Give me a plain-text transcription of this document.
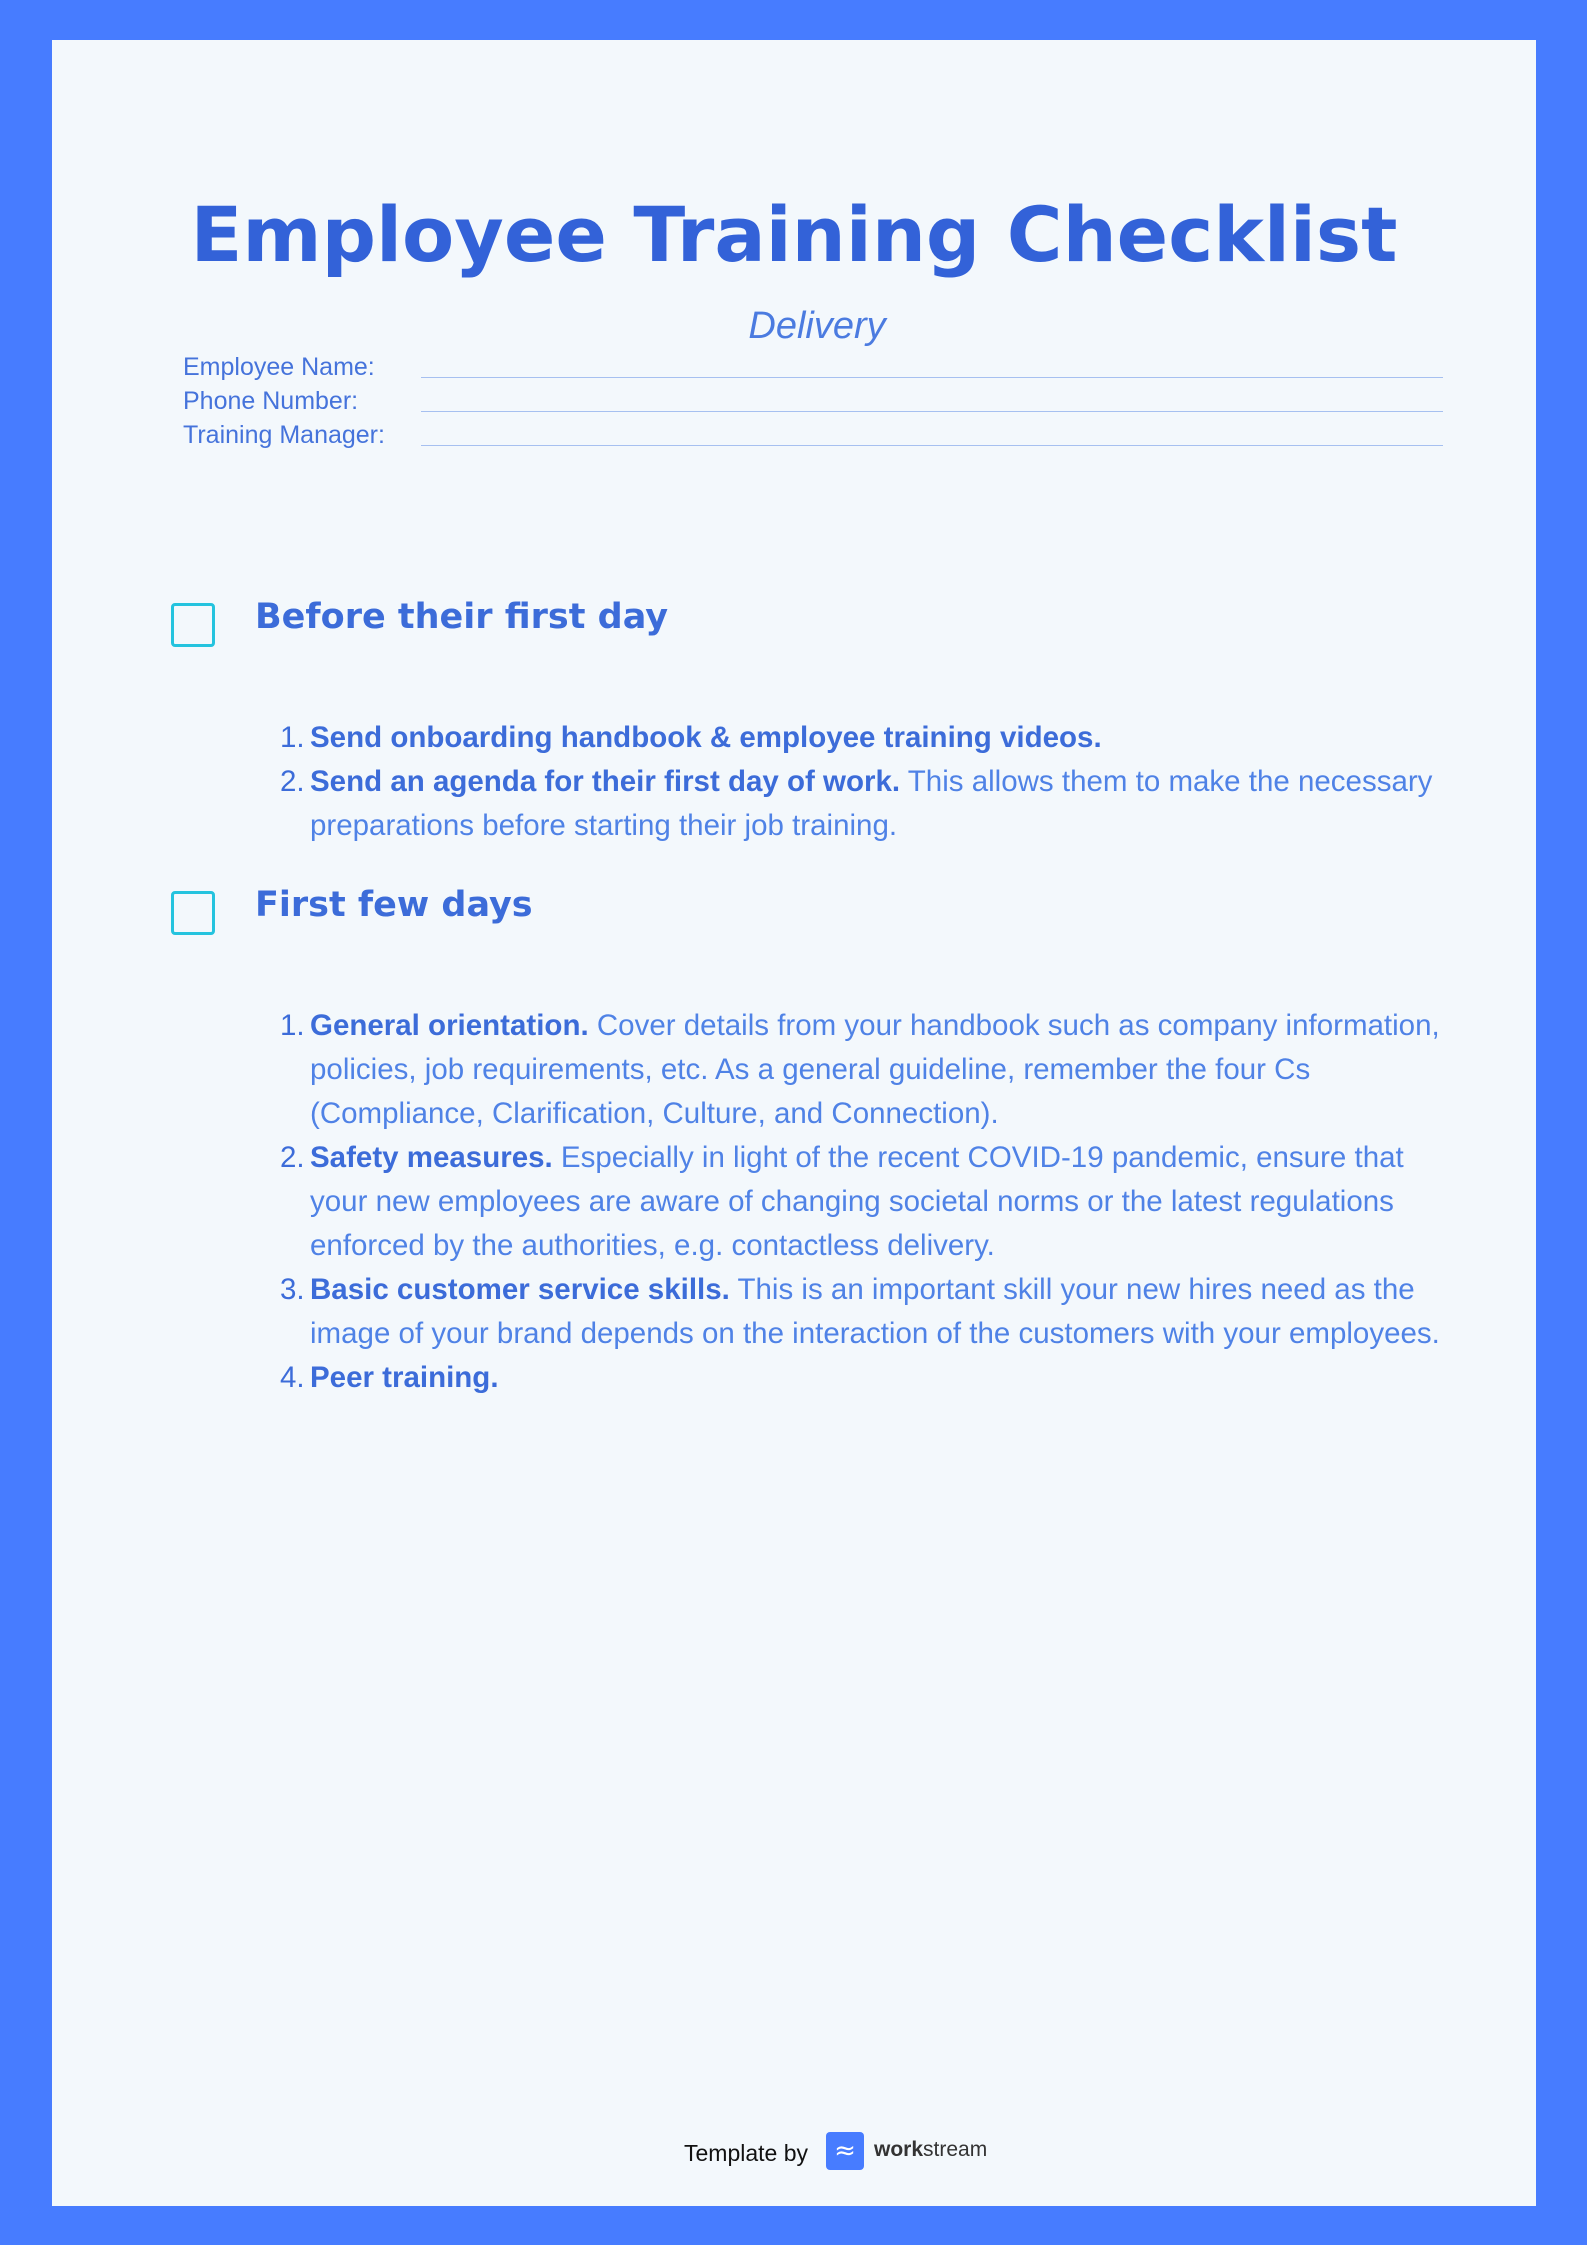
Employee Training Checklist
Delivery
Employee Name:
Phone Number:
Training Manager:
Before their first day
1. Send onboarding handbook & employee training videos.
2. Send an agenda for their first day of work. This allows them to make the necessary preparations before starting their job training.
First few days
1. General orientation. Cover details from your handbook such as company information, policies, job requirements, etc. As a general guideline, remember the four Cs (Compliance, Clarification, Culture, and Connection).
2. Safety measures. Especially in light of the recent COVID-19 pandemic, ensure that your new employees are aware of changing societal norms or the latest regulations enforced by the authorities, e.g. contactless delivery.
3. Basic customer service skills. This is an important skill your new hires need as the image of your brand depends on the interaction of the customers with your employees.
4. Peer training.
Template by	≈ workstream
